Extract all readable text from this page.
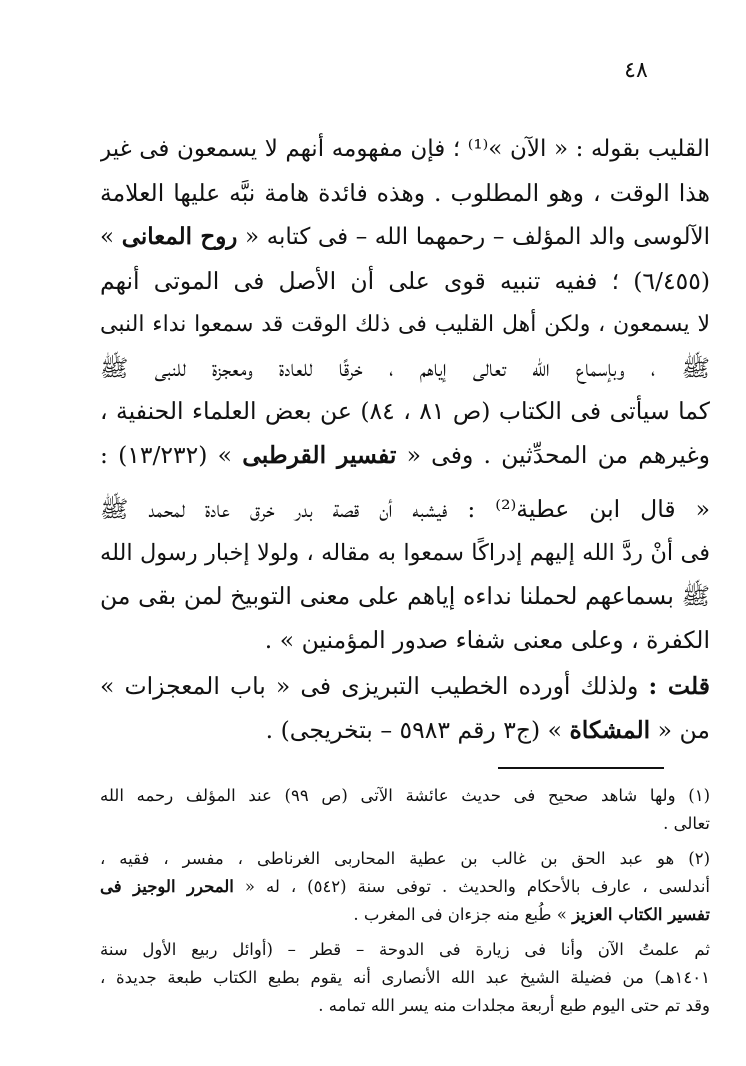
٤٨
القليب بقوله : « الآن »⁽¹⁾ ؛ فإن مفهومه أنهم لا يسمعون فى غير
هذا الوقت ، وهو المطلوب . وهذه فائدة هامة نبَّه عليها العلامة
الآلوسى والد المؤلف – رحمهما الله – فى كتابه « روح المعانى »
(٦/٤٥٥) ؛ ففيه تنبيه قوى على أن الأصل فى الموتى أنهم
لا يسمعون ، ولكن أهل القليب فى ذلك الوقت قد سمعوا نداء النبى
ﷺ ، وبإسماع الله تعالى إياهم ، خرقًا للعادة ومعجزة للنبى ﷺ
كما سيأتى فى الكتاب (ص ٨١ ، ٨٤) عن بعض العلماء الحنفية ،
وغيرهم من المحدِّثين . وفى « تفسير القرطبى » (١٣/٢٣٢) :
« قال ابن عطية⁽²⁾ : فيشبه أن قصة بدر خرق عادة لمحمد ﷺ
فى أنْ ردَّ الله إليهم إدراكًا سمعوا به مقاله ، ولولا إخبار رسول الله
ﷺ بسماعهم لحملنا نداءه إياهم على معنى التوبيخ لمن بقى من
الكفرة ، وعلى معنى شفاء صدور المؤمنين » .
قلت : ولذلك أورده الخطيب التبريزى فى « باب المعجزات »
من « المشكاة » (ج٣ رقم ٥٩٨٣ – بتخريجى) .
(١) ولها شاهد صحيح فى حديث عائشة الآتى (ص ٩٩) عند المؤلف رحمه الله
تعالى .
(٢) هو عبد الحق بن غالب بن عطية المحاربى الغرناطى ، مفسر ، فقيه ،
أندلسى ، عارف بالأحكام والحديث . توفى سنة (٥٤٢) ، له « المحرر الوجيز فى
تفسير الكتاب العزيز » طُبع منه جزءان فى المغرب .
ثم علمتُ الآن وأنا فى زيارة فى الدوحة – قطر – (أوائل ربيع الأول سنة
١٤٠١هـ) من فضيلة الشيخ عبد الله الأنصارى أنه يقوم بطبع الكتاب طبعة جديدة ،
وقد تم حتى اليوم طبع أربعة مجلدات منه يسر الله تمامه .
